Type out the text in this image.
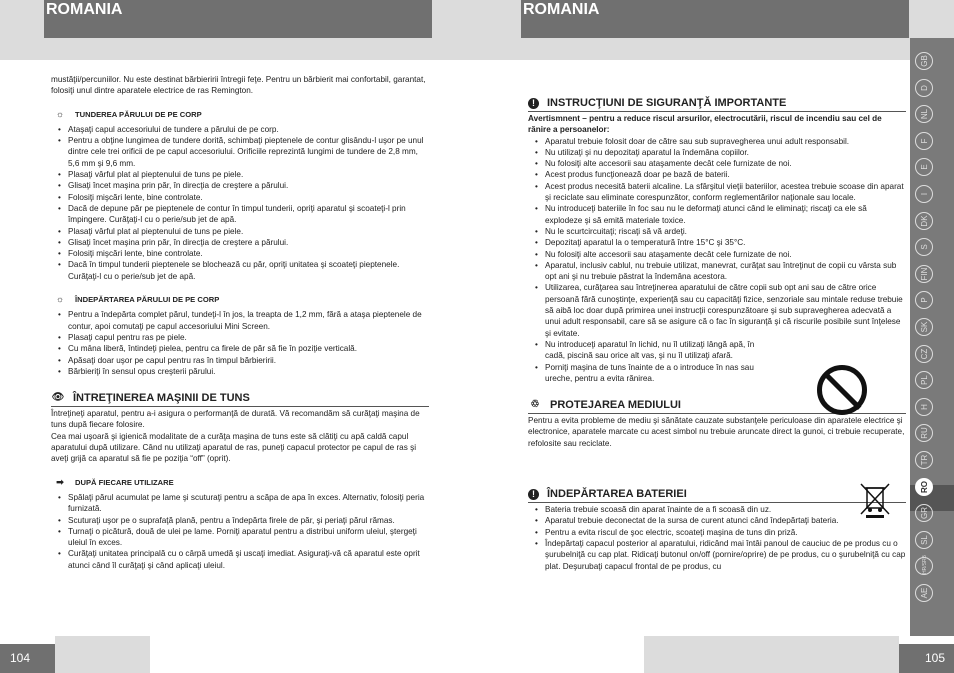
ROMANIA	ROMANIA

mustăţii/percuniilor. Nu este destinat bărbieririi întregii feţe. Pentru un bărbierit mai confortabil, garantat, folosiţi unul dintre aparatele electrice de ras Remington.

☼	TUNDEREA PĂRULUI DE PE CORP
• Ataşaţi capul accesoriului de tundere a părului de pe corp.
• Pentru a obţine lungimea de tundere dorită, schimbaţi pieptenele de contur glisându-l uşor pe unul dintre cele trei orificii de pe capul accesoriului. Orificiile reprezintă lungimi de tundere de 2,8 mm, 5,6 mm şi 9,6 mm.
• Plasaţi vârful plat al pieptenului de tuns pe piele.
• Glisaţi încet maşina prin păr, în direcţia de creştere a părului.
• Folosiţi mişcări lente, bine controlate.
• Dacă de depune păr pe pieptenele de contur în timpul tunderii, opriţi aparatul şi scoateţi-l prin împingere. Curăţaţi-l cu o perie/sub jet de apă.
• Plasaţi vârful plat al pieptenului de tuns pe piele.
• Glisaţi încet maşina prin păr, în direcţia de creştere a părului.
• Folosiţi mişcări lente, bine controlate.
• Dacă în timpul tunderii pieptenele se blochează cu păr, opriţi unitatea şi scoateţi pieptenele. Curăţaţi-l cu o perie/sub jet de apă.
☼	ÎNDEPĂRTAREA PĂRULUI DE PE CORP
• Pentru a îndepărta complet părul, tundeţi-l în jos, la treapta de 1,2 mm, fără a ataşa pieptenele de contur, apoi comutaţi pe capul accesoriului Mini Screen.
• Plasaţi capul pentru ras pe piele.
• Cu mâna liberă, întindeţi pielea, pentru ca firele de păr să fie în poziţie verticală.
• Apăsaţi doar uşor pe capul pentru ras în timpul bărbieririi.
• Bărbieriţi în sensul opus creşterii părului.
👁 ÎNTREŢINEREA MAŞINII DE TUNS

Întreţineţi aparatul, pentru a-i asigura o performanţă de durată. Vă recomandăm să curăţaţi maşina de tuns după fiecare folosire.

Cea mai uşoară şi igienică modalitate de a curăţa maşina de tuns este să clătiţi cu apă caldă capul aparatului după utilizare. Când nu utilizaţi aparatul de ras, puneţi capacul protector pe capul de ras şi aveţi grijă ca aparatul să fie pe poziţia “off” (oprit).

➡	DUPĂ FIECARE UTILIZARE
• Spălaţi părul acumulat pe lame şi scuturaţi pentru a scăpa de apa în exces. Alternativ, folosiţi peria furnizată.
• Scuturaţi uşor pe o suprafaţă plană, pentru a îndepărta firele de păr, şi periaţi părul rămas.
• Turnaţi o picătură, două de ulei pe lame. Porniţi aparatul pentru a distribui uniform uleiul, ştergeţi uleiul în exces.
• Curăţaţi unitatea principală cu o cârpă umedă şi uscaţi imediat. Asiguraţi-vă că aparatul este oprit atunci când îl curăţaţi şi când aplicaţi uleiul.
!	INSTRUCŢIUNI DE SIGURANŢĂ IMPORTANTE

Avertismnent – pentru a reduce riscul arsurilor, electrocutării, riscul de incendiu sau cel de rănire a persoanelor:

• Aparatul trebuie folosit doar de către sau sub supravegherea unui adult responsabil.
• Nu utilizaţi şi nu depozitaţi aparatul la îndemâna copiilor.
• Nu folosiţi alte accesorii sau ataşamente decât cele furnizate de noi.
• Acest produs funcţionează doar pe bază de baterii.
• Acest produs necesită baterii alcaline. La sfârşitul vieţii bateriilor, acestea trebuie scoase din aparat şi reciclate sau eliminate corespunzător, conform reglementărilor naţionale sau locale.
• Nu introduceţi bateriile în foc sau nu le deformaţi atunci când le eliminaţi; riscaţi ca ele să explodeze şi să emită materiale toxice.
• Nu le scurtcircuitaţi; riscaţi să vă ardeţi.
• Depozitaţi aparatul la o temperatură între 15°C şi 35°C.
• Nu folosiţi alte accesorii sau ataşamente decât cele furnizate de noi.
• Aparatul, inclusiv cablul, nu trebuie utilizat, manevrat, curăţat sau întreţinut de copii cu vârsta sub opt ani şi nu trebuie păstrat la îndemâna acestora.
• Utilizarea, curăţarea sau întreţinerea aparatului de către copii sub opt ani sau de către orice persoană fără cunoştinţe, experienţă sau cu capacităţi fizice, senzoriale sau mintale reduse trebuie să aibă loc doar după primirea unei instrucţii corespunzătoare şi sub supravegherea adecvată a unui adult responsabil, care să se asigure că o fac în siguranţă şi că riscurile posibile sunt înţelese şi evitate.
• Nu introduceţi aparatul în lichid, nu îl utilizaţi lângă apă, în cadă, piscină sau orice alt vas, şi nu îl utilizaţi afară.
• Porniţi maşina de tuns înainte de a o introduce în nas sau ureche, pentru a evita rănirea.
♲ PROTEJAREA MEDIULUI

Pentru a evita probleme de mediu şi sănătate cauzate substanţele periculoase din aparatele electrice şi electronice, aparatele marcate cu acest simbol nu trebuie aruncate direct la gunoi, ci trebuie recuperate, refolosite sau reciclate.

!	ÎNDEPĂRTAREA BATERIEI
• Bateria trebuie scoasă din aparat înainte de a fi scoasă din uz.
• Aparatul trebuie deconectat de la sursa de curent atunci când îndepărtaţi bateria.
• Pentru a evita riscul de şoc electric, scoateţi maşina de tuns din priză.
• Îndepărtaţi capacul posterior al aparatului, ridicând mai întâi panoul de cauciuc de pe produs cu o şurubelniţă cu cap plat. Ridicaţi butonul on/off (pornire/oprire) de pe produs, cu o şurubelniţă cu cap plat. Deşurubaţi capacul frontal de pe produs, cu
GB
D
NL
F
E
I
DK
S
FIN
P
SK
CZ
PL
H
RU
TR
RO
GR
SL
HR/SRB
AE
104	105
